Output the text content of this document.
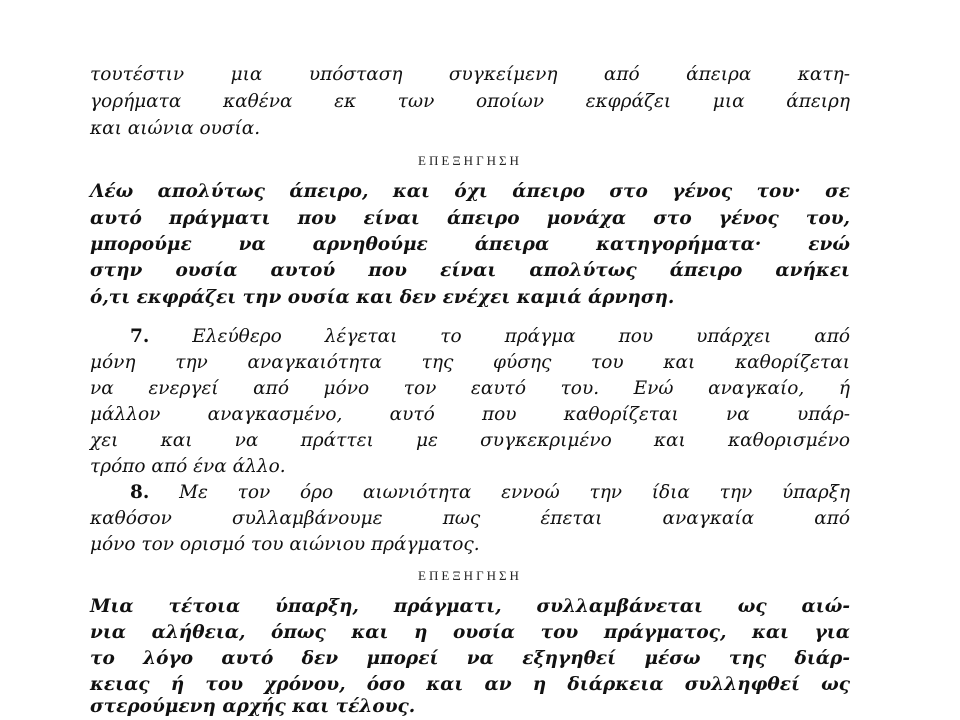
τουτέστιν μια υπόσταση συγκείμενη από άπειρα κατη-
γορήματα καθένα εκ των οποίων εκφράζει μια άπειρη
και αιώνια ουσία.
ΕΠΕΞΗΓΗΣΗ
Λέω απολύτως άπειρο, και όχι άπειρο στο γένος του· σε
αυτό πράγματι που είναι άπειρο μονάχα στο γένος του,
μπορούμε να αρνηθούμε άπειρα κατηγορήματα· ενώ
στην ουσία αυτού που είναι απολύτως άπειρο ανήκει
ό,τι εκφράζει την ουσία και δεν ενέχει καμιά άρνηση.
7. Ελεύθερο λέγεται το πράγμα που υπάρχει από
μόνη την αναγκαιότητα της φύσης του και καθορίζεται
να ενεργεί από μόνο τον εαυτό του. Ενώ αναγκαίο, ή
μάλλον αναγκασμένο, αυτό που καθορίζεται να υπάρ-
χει και να πράττει με συγκεκριμένο και καθορισμένο
τρόπο από ένα άλλο.
8. Με τον όρο αιωνιότητα εννοώ την ίδια την ύπαρξη
καθόσον συλλαμβάνουμε πως έπεται αναγκαία από
μόνο τον ορισμό του αιώνιου πράγματος.
ΕΠΕΞΗΓΗΣΗ
Μια τέτοια ύπαρξη, πράγματι, συλλαμβάνεται ως αιώ-
νια αλήθεια, όπως και η ουσία του πράγματος, και για
το λόγο αυτό δεν μπορεί να εξηγηθεί μέσω της διάρ-
κειας ή του χρόνου, όσο και αν η διάρκεια συλληφθεί ως
στερούμενη αρχής και τέλους.
